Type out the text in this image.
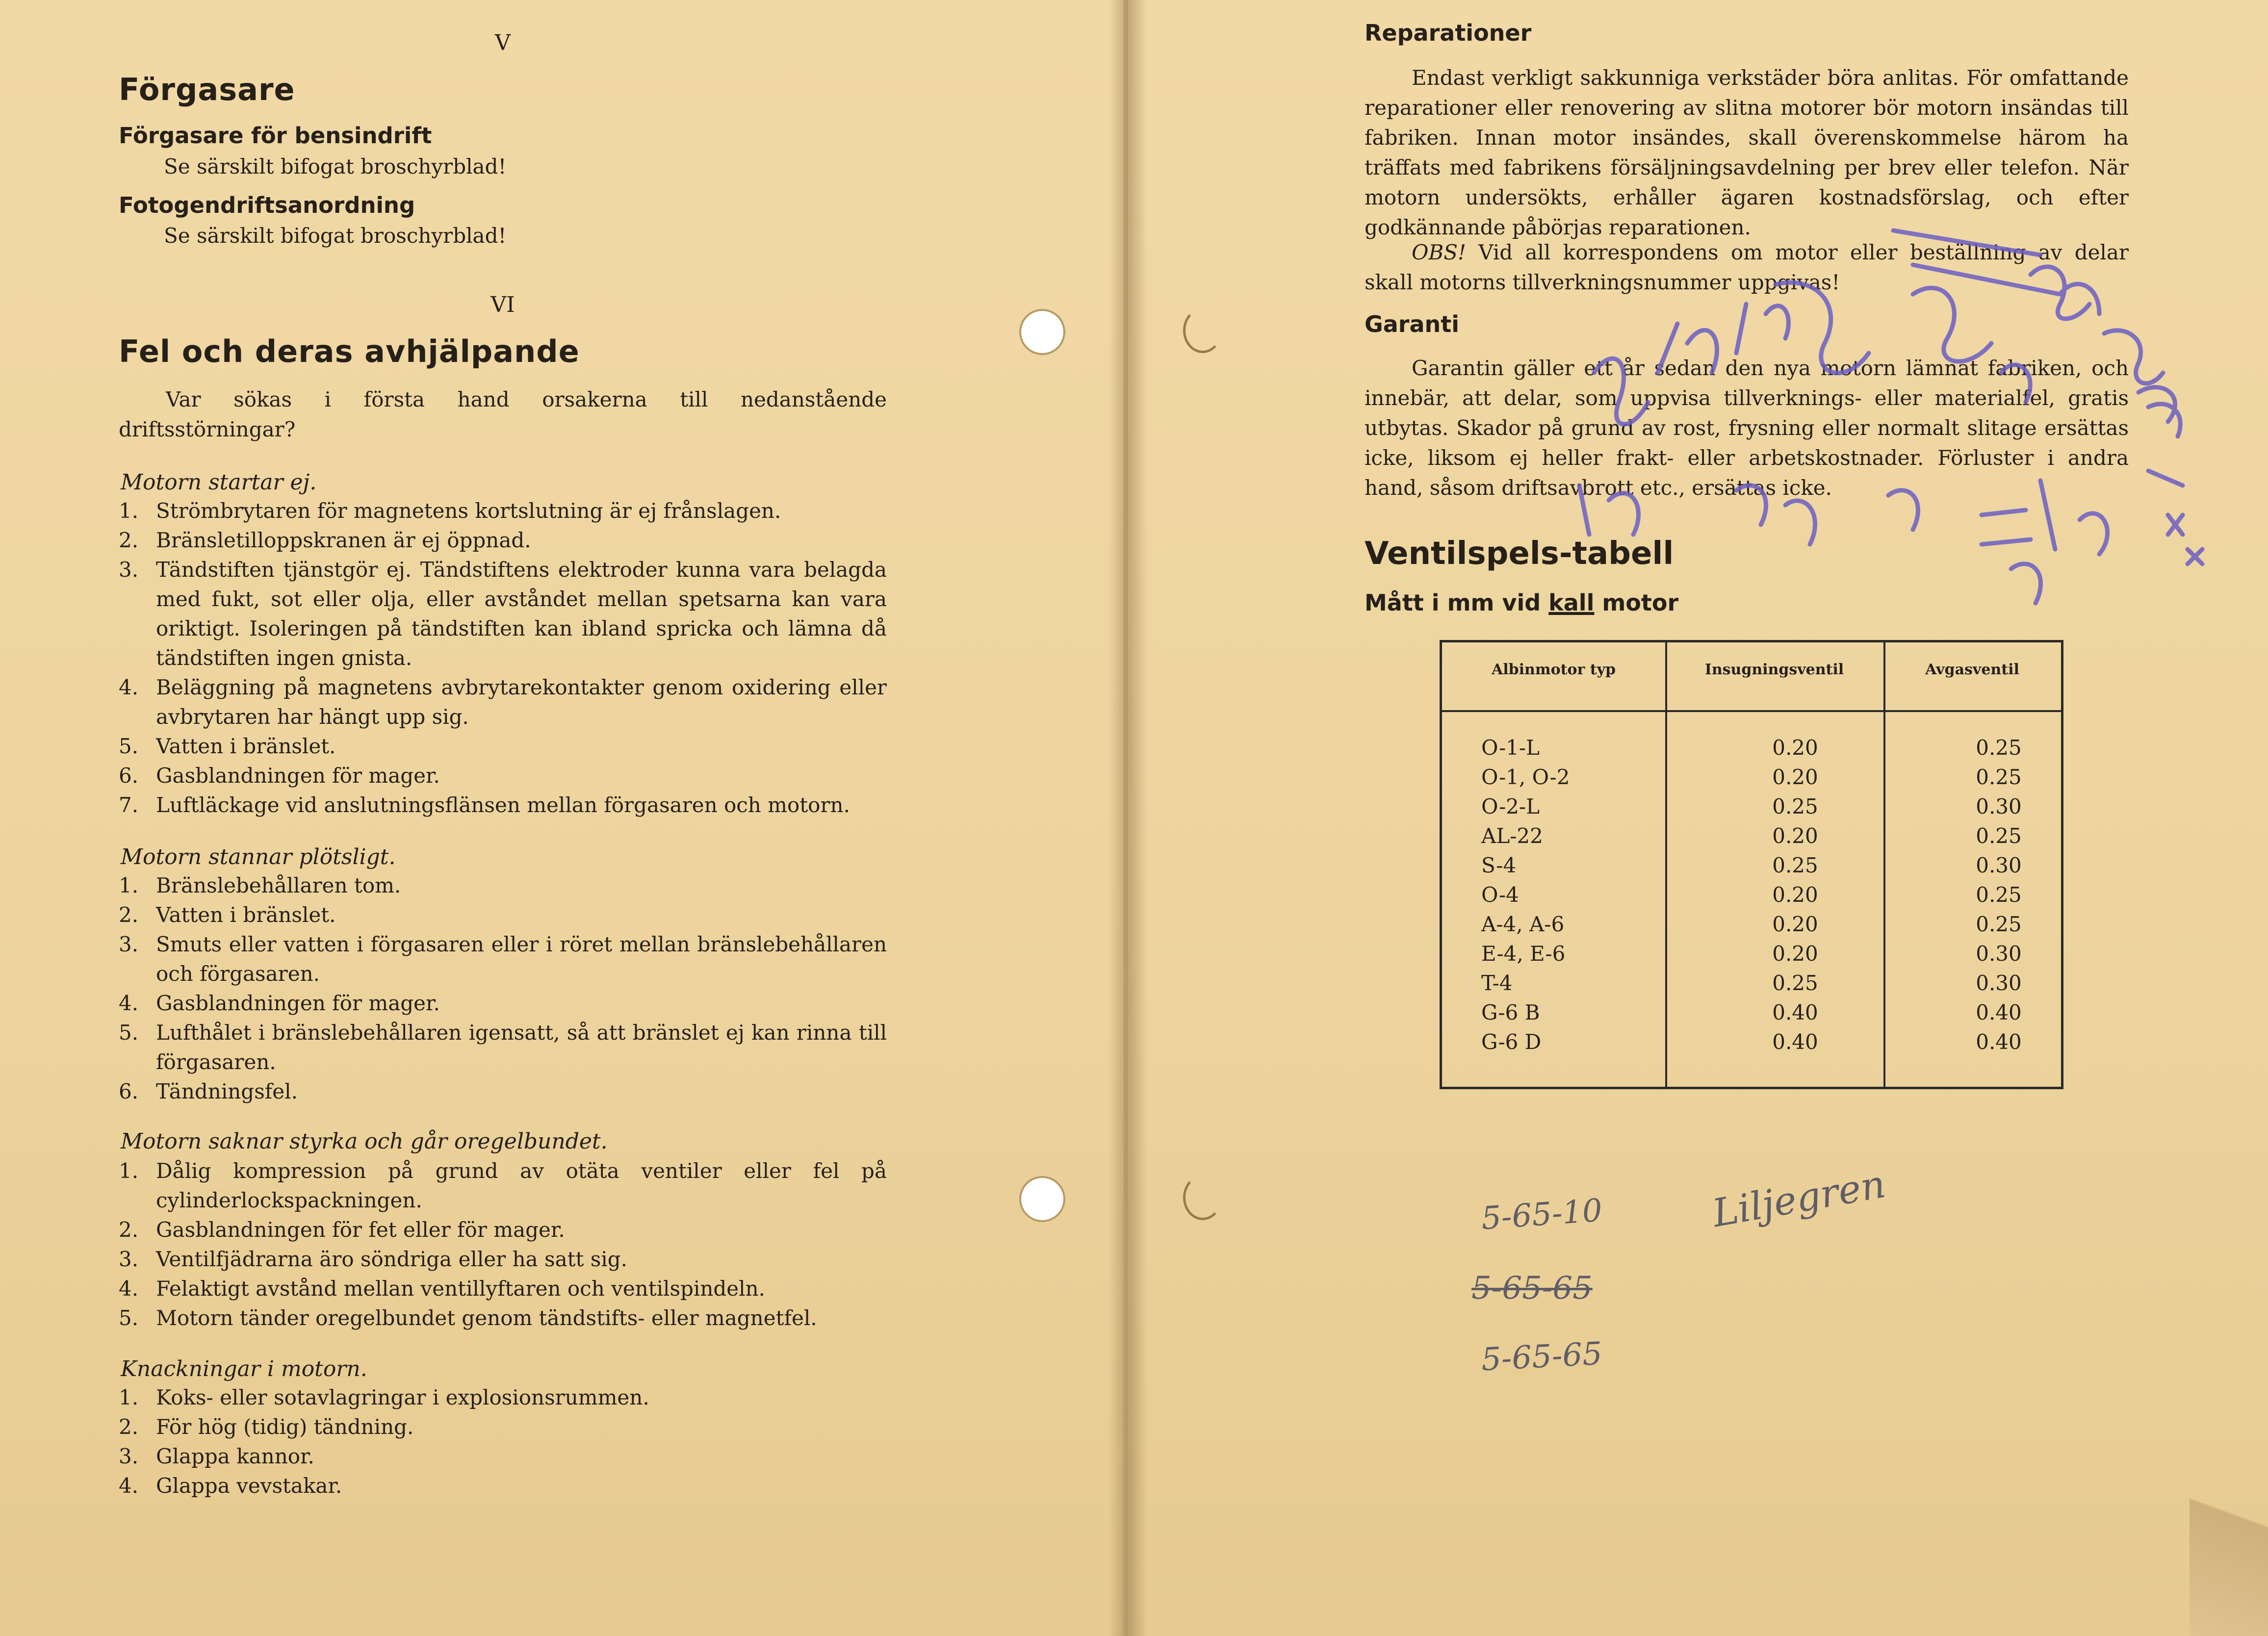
V
Förgasare
Förgasare för bensindrift
Se särskilt bifogat broschyrblad!
Fotogendriftsanordning
Se särskilt bifogat broschyrblad!
VI
Fel och deras avhjälpande
Var sökas i första hand orsakerna till nedanstående driftsstörningar?
Motorn startar ej.
1. Strömbrytaren för magnetens kortslutning är ej frånslagen.
2. Bränsletilloppskranen är ej öppnad.
3. Tändstiften tjänstgör ej. Tändstiftens elektroder kunna vara belagda med fukt, sot eller olja, eller avståndet mellan spetsarna kan vara oriktigt. Isoleringen på tändstiften kan ibland spricka och lämna då tändstiften ingen gnista.
4. Beläggning på magnetens avbrytarekontakter genom oxidering eller avbrytaren har hängt upp sig.
5. Vatten i bränslet.
6. Gasblandningen för mager.
7. Luftläckage vid anslutningsflänsen mellan förgasaren och motorn.
Motorn stannar plötsligt.
1. Bränslebehållaren tom.
2. Vatten i bränslet.
3. Smuts eller vatten i förgasaren eller i röret mellan bränslebehållaren och förgasaren.
4. Gasblandningen för mager.
5. Lufthålet i bränslebehållaren igensatt, så att bränslet ej kan rinna till förgasaren.
6. Tändningsfel.
Motorn saknar styrka och går oregelbundet.
1. Dålig kompression på grund av otäta ventiler eller fel på cylinderlockspackningen.
2. Gasblandningen för fet eller för mager.
3. Ventilfjädrarna äro söndriga eller ha satt sig.
4. Felaktigt avstånd mellan ventillyftaren och ventilspindeln.
5. Motorn tänder oregelbundet genom tändstifts- eller magnetfel.
Knackningar i motorn.
1. Koks- eller sotavlagringar i explosionsrummen.
2. För hög (tidig) tändning.
3. Glappa kannor.
4. Glappa vevstakar.
Reparationer
Endast verkligt sakkunniga verkstäder böra anlitas. För omfattande reparationer eller renovering av slitna motorer bör motorn insändas till fabriken. Innan motor insändes, skall överenskommelse härom ha träffats med fabrikens försäljningsavdelning per brev eller telefon. När motorn undersökts, erhåller ägaren kostnadsförslag, och efter godkännande påbörjas reparationen.
OBS! Vid all korrespondens om motor eller beställning av delar skall motorns tillverkningsnummer uppgivas!
Garanti
Garantin gäller ett år sedan den nya motorn lämnat fabriken, och innebär, att delar, som uppvisa tillverknings- eller materialfel, gratis utbytas. Skador på grund av rost, frysning eller normalt slitage ersättas icke, liksom ej heller frakt- eller arbetskostnader. Förluster i andra hand, såsom driftsavbrott etc., ersättas icke.
Ventilspels-tabell
Mått i mm vid kall motor
Albinmotor typ	Insugningsventil	Avgasventil
O-1-L	0.20	0.25
O-1, O-2	0.20	0.25
O-2-L	0.25	0.30
AL-22	0.20	0.25
S-4	0.25	0.30
O-4	0.20	0.25
A-4, A-6	0.20	0.25
E-4, E-6	0.20	0.30
T-4	0.25	0.30
G-6 B	0.40	0.40
G-6 D	0.40	0.40
5-65-10	Liljegren
5-65-65
5-65-65
